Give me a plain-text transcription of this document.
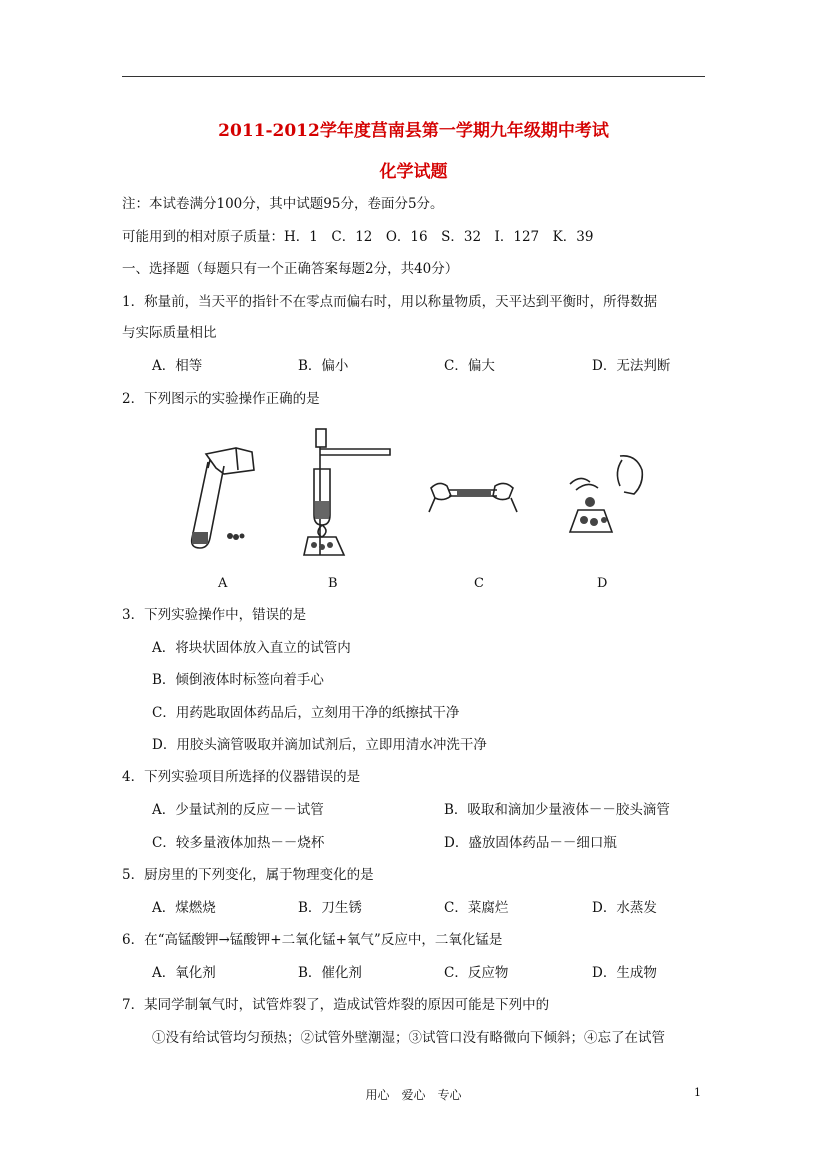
2011-2012学年度莒南县第一学期九年级期中考试
化学试题
注：本试卷满分100分，其中试题95分，卷面分5分。
可能用到的相对原子质量：H．1　C．12　O．16　S．32　I．127　K．39
一、选择题（每题只有一个正确答案每题2分，共40分）
1．称量前，当天平的指针不在零点而偏右时，用以称量物质，天平达到平衡时，所得数据
与实际质量相比
A．相等	B．偏小	C．偏大	D．无法判断
2．下列图示的实验操作正确的是
A	B	C	D
3．下列实验操作中，错误的是
A．将块状固体放入直立的试管内
B．倾倒液体时标签向着手心
C．用药匙取固体药品后，立刻用干净的纸擦拭干净
D．用胶头滴管吸取并滴加试剂后，立即用清水冲洗干净
4．下列实验项目所选择的仪器错误的是
A．少量试剂的反应－－试管	B．吸取和滴加少量液体－－胶头滴管
C．较多量液体加热－－烧杯	D．盛放固体药品－－细口瓶
5．厨房里的下列变化，属于物理变化的是
A．煤燃烧	B．刀生锈	C．菜腐烂	D．水蒸发
6．在“高锰酸钾→锰酸钾+二氧化锰+氧气”反应中，二氧化锰是
A．氧化剂	B．催化剂	C．反应物	D．生成物
7．某同学制氧气时，试管炸裂了，造成试管炸裂的原因可能是下列中的
①没有给试管均匀预热；②试管外壁潮湿；③试管口没有略微向下倾斜；④忘了在试管
用心　爱心　专心	1
